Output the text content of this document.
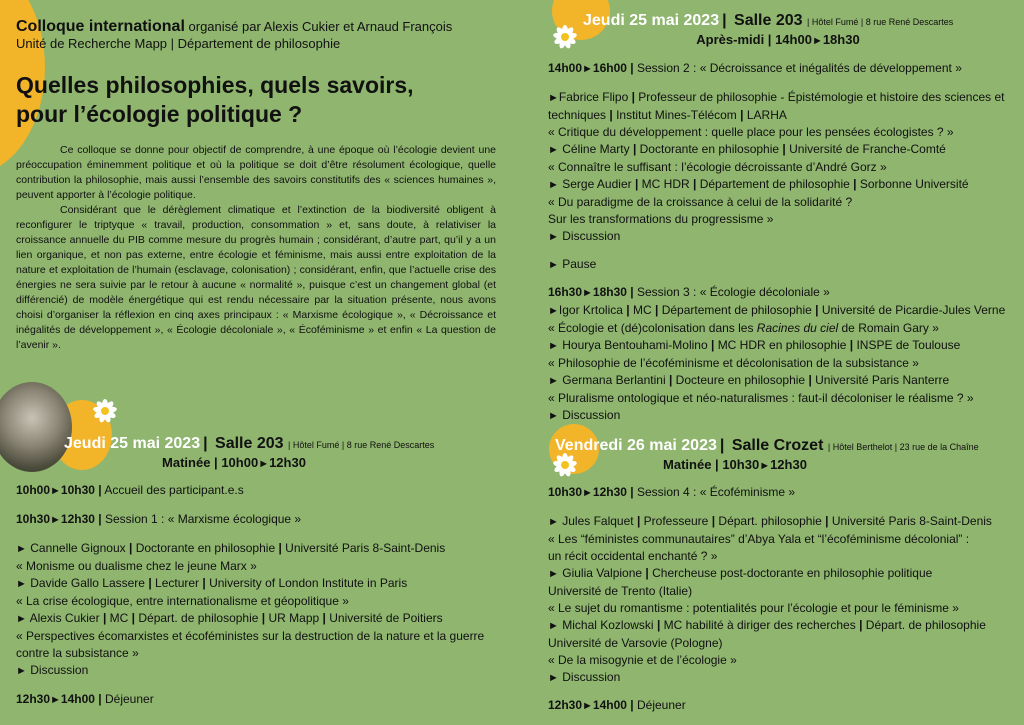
Colloque international organisé par Alexis Cukier et Arnaud François
Unité de Recherche Mapp | Département de philosophie
Quelles philosophies, quels savoirs,
pour l’écologie politique ?
Ce colloque se donne pour objectif de comprendre, à une époque où l’écologie devient une préoccupation éminemment politique et où la politique se doit d’être résolument écologique, quelle contribution la philosophie, mais aussi l’ensemble des savoirs constitutifs des « sciences humaines », peuvent apporter à l’écologie politique.
Considérant que le dérèglement climatique et l’extinction de la biodiversité obligent à reconfigurer le triptyque « travail, production, consommation » et, sans doute, à relativiser la croissance annuelle du PIB comme mesure du progrès humain ; considérant, d’autre part, qu’il y a un lien organique, et non pas externe, entre écologie et féminisme, mais aussi entre exploitation de la nature et exploitation de l’humain (esclavage, colonisation) ; considérant, enfin, que l’actuelle crise des énergies ne sera suivie par le retour à aucune « normalité », puisque c’est un changement global (et différencié) de modèle énergétique qui est rendu nécessaire par la situation présente, nous avons choisi d’organiser la réflexion en cinq axes principaux : « Marxisme écologique », « Décroissance et inégalités de développement », « Écologie décoloniale », « Écoféminisme » et enfin « La question de l’avenir ».
Jeudi 25 mai 2023 | Salle 203 | Hôtel Fumé | 8 rue René Descartes
Matinée | 10h00►12h30
10h00►10h30 | Accueil des participant.e.s
10h30►12h30 | Session 1 : « Marxisme écologique »
► Cannelle Gignoux | Doctorante en philosophie | Université Paris 8-Saint-Denis
« Monisme ou dualisme chez le jeune Marx »
► Davide Gallo Lassere | Lecturer | University of London Institute in Paris
« La crise écologique, entre internationalisme et géopolitique »
► Alexis Cukier | MC | Départ. de philosophie | UR Mapp | Université de Poitiers
« Perspectives écomarxistes et écoféministes sur la destruction de la nature et la guerre contre la subsistance »
► Discussion
12h30►14h00 | Déjeuner
Jeudi 25 mai 2023 | Salle 203 | Hôtel Fumé | 8 rue René Descartes
Après-midi | 14h00►18h30
14h00►16h00 | Session 2 : « Décroissance et inégalités de développement »
►Fabrice Flipo | Professeur de philosophie - Épistémologie et histoire des sciences et techniques | Institut Mines-Télécom | LARHA
« Critique du développement : quelle place pour les pensées écologistes ? »
► Céline Marty | Doctorante en philosophie | Université de Franche-Comté
« Connaître le suffisant : l’écologie décroissante d’André Gorz »
► Serge Audier | MC HDR | Département de philosophie | Sorbonne Université
« Du paradigme de la croissance à celui de la solidarité ?
Sur les transformations du progressisme »
► Discussion
► Pause
16h30►18h30 | Session 3 : « Écologie décoloniale »
►Igor Krtolica | MC | Département de philosophie | Université de Picardie-Jules Verne
« Écologie et (dé)colonisation dans les Racines du ciel de Romain Gary »
► Hourya Bentouhami-Molino | MC HDR en philosophie | INSPE de Toulouse
« Philosophie de l’écoféminisme et décolonisation de la subsistance »
► Germana Berlantini | Docteure en philosophie | Université Paris Nanterre
« Pluralisme ontologique et néo-naturalismes : faut-il décoloniser le réalisme ? »
► Discussion
Vendredi 26 mai 2023 | Salle Crozet | Hôtel Berthelot | 23 rue de la Chaîne
Matinée | 10h30►12h30
10h30►12h30 | Session 4 : « Écoféminisme »
► Jules Falquet | Professeure | Départ. philosophie | Université Paris 8-Saint-Denis
« Les “féministes communautaires” d’Abya Yala et “l’écoféminisme décolonial” :
un récit occidental enchanté ? »
► Giulia Valpione | Chercheuse post-doctorante en philosophie politique
Université de Trento (Italie)
« Le sujet du romantisme : potentialités pour l’écologie et pour le féminisme »
► Michal Kozlowski | MC habilité à diriger des recherches | Départ. de philosophie
Université de Varsovie (Pologne)
« De la misogynie et de l’écologie »
► Discussion
12h30►14h00 | Déjeuner
